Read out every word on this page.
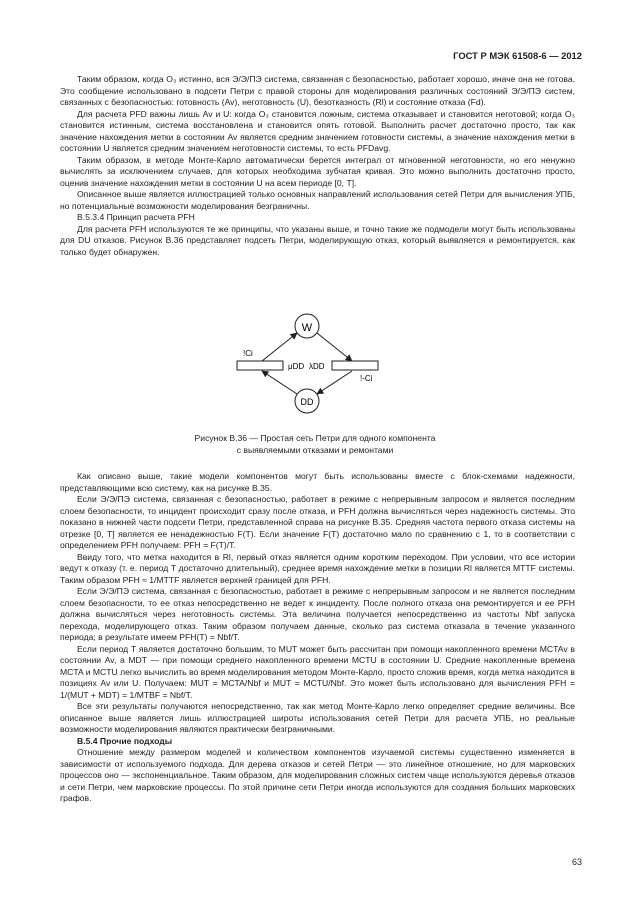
ГОСТ Р МЭК 61508-6 — 2012

Таким образом, когда O₃ истинно, вся Э/Э/ПЭ система, связанная с безопасностью, работает хорошо, иначе она не готова. Это сообщение использовано в подсети Петри с правой стороны для моделирования различных состояний Э/Э/ПЭ систем, связанных с безопасностью: готовность (Av), неготовность (U), безотказность (Rl) и состояние отказа (Fd).

Для расчета PFD важны лишь Av и U: когда O₃ становится ложным, система отказывает и становится неготовой; когда O₃ становится истинным, система восстановлена и становится опять готовой. Выполнить расчет достаточно просто, так как значение нахождения метки в состоянии Av является средним значением готовности системы, а значение нахождения метки в состоянии U является средним значением неготовности системы, то есть PFDavg.

Таким образом, в методе Монте-Карло автоматически берется интеграл от мгновенной неготовности, но его ненужно вычислять за исключением случаев, для которых необходима зубчатая кривая. Это можно выполнить достаточно просто, оценив значение нахождения метки в состоянии U на всем периоде [0, T].

Описанное выше является иллюстрацией только основных направлений использования сетей Петри для вычисления УПБ, но потенциальные возможности моделирования безграничны.

В.5.3.4 Принцип расчета PFH

Для расчета PFH используются те же принципы, что указаны выше, и точно такие же подмодели могут быть использованы для DU отказов. Рисунок В.36 представляет подсеть Петри, моделирующую отказ, который выявляется и ремонтируется, как только будет обнаружен.

W
DD
!Ci
!-Ci
μDD λDD
Рисунок В.36 — Простая сеть Петри для одного компонента
с выявляемыми отказами и ремонтами

Как описано выше, такие модели компонентов могут быть использованы вместе с блок-схемами надежности, представляющими всю систему, как на рисунке В.35.

Если Э/Э/ПЭ система, связанная с безопасностью, работает в режиме с непрерывным запросом и является последним слоем безопасности, то инцидент происходит сразу после отказа, и PFH должна вычисляться через надежность системы. Это показано в нижней части подсети Петри, представленной справа на рисунке В.35. Средняя частота первого отказа системы на отрезке [0, T] является ее ненадежностью F(T). Если значение F(T) достаточно мало по сравнению с 1, то в соответствии с определением PFH получаем: PFH = F(T)/T.

Ввиду того, что метка находится в Rl, первый отказ является одним коротким переходом. При условии, что все истории ведут к отказу (т. е. период T достаточно длительный), среднее время нахождение метки в позиции Rl является MTTF системы. Таким образом PFH ≈ 1/MTTF является верхней границей для PFH.

Если Э/Э/ПЭ система, связанная с безопасностью, работает в режиме с непрерывным запросом и не является последним слоем безопасности, то ее отказ непосредственно не ведет к инциденту. После полного отказа она ремонтируется и ее PFH должна вычисляться через неготовность системы. Эта величина получается непосредственно из частоты Nbf запуска перехода, моделирующего отказ. Таким образом получаем данные, сколько раз система отказала в течение указанного периода; в результате имеем PFH(T) = Nbf/T.

Если период T является достаточно большим, то MUT может быть рассчитан при помощи накопленного времени MCTAv в состоянии Av, a MDT — при помощи среднего накопленного времени MCTU в состоянии U. Средние накопленные времена MCTA и MCTU легко вычислить во время моделирования методом Монте-Карло, просто сложив время, когда метка находится в позициях Av или U. Получаем: MUT = MCTA/Nbf и MUT = MCTU/Nbf. Это может быть использовано для вычисления PFH = 1/(MUT + MDT) = 1/MTBF = Nbf/T.

Все эти результаты получаются непосредственно, так как метод Монте-Карло легко определяет средние величины. Все описанное выше является лишь иллюстрацией широты использования сетей Петри для расчета УПБ, но реальные возможности моделирования являются практически безграничными.

В.5.4 Прочие подходы

Отношение между размером моделей и количеством компонентов изучаемой системы существенно изменяется в зависимости от используемого подхода. Для дерева отказов и сетей Петри — это линейное отношение, но для марковских процессов оно — экспоненциальное. Таким образом, для моделирования сложных систем чаще используются деревья отказов и сети Петри, чем марковские процессы. По этой причине сети Петри иногда используются для создания больших марковских графов.

63
